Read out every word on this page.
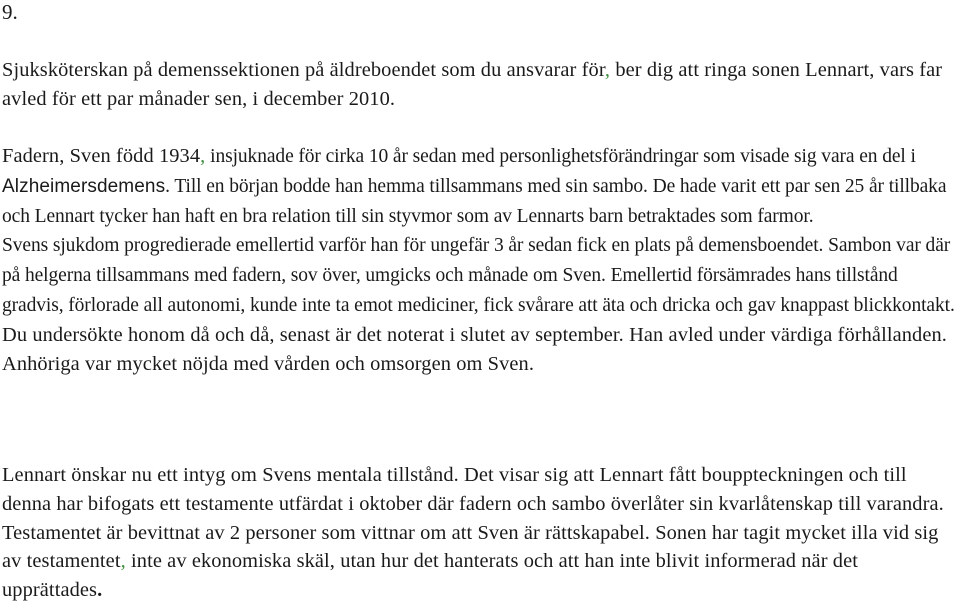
9.

Sjuksköterskan på demenssektionen på äldreboendet som du ansvarar för, ber dig att ringa sonen Lennart, vars far avled för ett par månader sen, i december 2010.

Fadern, Sven född 1934, insjuknade för cirka 10 år sedan med personlighetsförändringar som visade sig vara en del i Alzheimersdemens. Till en början bodde han hemma tillsammans med sin sambo. De hade varit ett par sen 25 år tillbaka och Lennart tycker han haft en bra relation till sin styvmor som av Lennarts barn betraktades som farmor.
Svens sjukdom progredierade emellertid varför han för ungefär 3 år sedan fick en plats på demensboendet. Sambon var där på helgerna tillsammans med fadern, sov över, umgicks och månade om Sven. Emellertid försämrades hans tillstånd gradvis, förlorade all autonomi, kunde inte ta emot mediciner, fick svårare att äta och dricka och gav knappast blickkontakt.
Du undersökte honom då och då, senast är det noterat i slutet av september. Han avled under värdiga förhållanden. Anhöriga var mycket nöjda med vården och omsorgen om Sven.

Lennart önskar nu ett intyg om Svens mentala tillstånd. Det visar sig att Lennart fått bouppteckningen och till denna har bifogats ett testamente utfärdat i oktober där fadern och sambo överlåter sin kvarlåtenskap till varandra. Testamentet är bevittnat av 2 personer som vittnar om att Sven är rättskapabel. Sonen har tagit mycket illa vid sig av testamentet, inte av ekonomiska skäl, utan hur det hanterats och att han inte blivit informerad när det upprättades.
